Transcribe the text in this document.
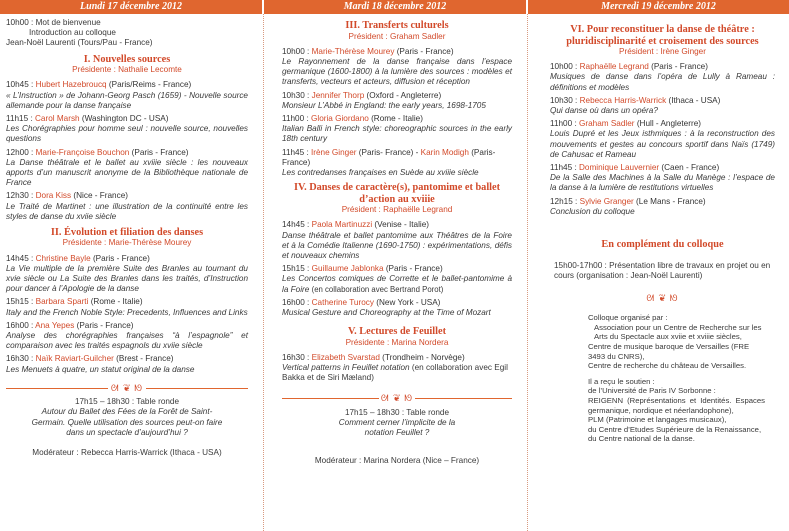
Lundi 17 décembre 2012
10h00 : Mot de bienvenue
Introduction au colloque
Jean-Noël Laurenti (Tours/Pau - France)
I. Nouvelles sources
Présidente : Nathalie Lecomte
10h45 : Hubert Hazebroucq (Paris/Reims - France)
« L’Instruction » de Johann-Georg Pasch (1659) - Nouvelle source allemande pour la danse française
11h15 : Carol Marsh (Washington DC - USA)
Les Chorégraphies pour homme seul : nouvelle source, nouvelles questions
12h00 : Marie-Françoise Bouchon (Paris - France)
La Danse théâtrale et le ballet au xviiie siècle : les nouveaux apports d’un manuscrit anonyme de la Bibliothèque nationale de France
12h30 : Dora Kiss (Nice - France)
Le Traité de Martinet : une illustration de la continuité entre les styles de danse du xviie siècle
II. Évolution et filiation des danses
Présidente : Marie-Thérèse Mourey
14h45 : Christine Bayle (Paris - France)
La Vie multiple de la première Suite des Branles au tournant du xvie siècle ou La Suite des Branles dans les traités, d’Instruction pour dancer à l’Apologie de la danse
15h15 : Barbara Sparti (Rome - Italie)
Italy and the French Noble Style: Precedents, Influences and Links
16h00 : Ana Yepes (Paris - France)
Analyse des chorégraphies françaises “à l’espagnole” et comparaison avec les traités espagnols du xviie siècle
16h30 : Naïk Raviart-Guilcher (Brest - France)
Les Menuets à quatre, un statut original de la danse
ᘛ ❦ ᘚ
17h15 – 18h30 : Table ronde
Autour du Ballet des Fées de la Forêt de Saint-Germain. Quelle utilisation des sources peut-on faire dans un spectacle d’aujourd’hui ?
Modérateur : Rebecca Harris-Warrick (Ithaca - USA)
Mardi 18 décembre 2012
III. Transferts culturels
Président : Graham Sadler
10h00 : Marie-Thérèse Mourey (Paris - France)
Le Rayonnement de la danse française dans l’espace germanique (1600-1800) à la lumière des sources : modèles et transferts, vecteurs et acteurs, diffusion et réception
10h30 : Jennifer Thorp (Oxford - Angleterre)
Monsieur L’Abbé in England: the early years, 1698-1705
11h00 : Gloria Giordano (Rome - Italie)
Italian Balli in French style: choreographic sources in the early 18th century
11h45 : Irène Ginger (Paris- France) - Karin Modigh (Paris- France)
Les contredanses françaises en Suède au xviiie siècle
IV. Danses de caractère(s), pantomime et ballet d’action au xviiie
Président : Raphaëlle Legrand
14h45 : Paola Martinuzzi (Venise - Italie)
Danse théâtrale et ballet pantomime aux Théâtres de la Foire et à la Comédie Italienne (1690-1750) : expérimentations, défis et nouveaux chemins
15h15 : Guillaume Jablonka (Paris - France)
Les Concertos comiques de Corrette et le ballet-pantomime à la Foire (en collaboration avec Bertrand Porot)
16h00 : Catherine Turocy (New York - USA)
Musical Gesture and Choreography at the Time of Mozart
V. Lectures de Feuillet
Présidente : Marina Nordera
16h30 : Elizabeth Svarstad (Trondheim - Norvège)
Vertical patterns in Feuillet notation (en collaboration avec Egil Bakka et de Siri Mæland)
ᘛ ❦ ᘚ
17h15 – 18h30 : Table ronde
Comment cerner l’implicite de la notation Feuillet ?
Modérateur : Marina Nordera (Nice – France)
Mercredi 19 décembre 2012
VI. Pour reconstituer la danse de théâtre : pluridisciplinarité et croisement des sources
Président : Irène Ginger
10h00 : Raphaëlle Legrand (Paris - France)
Musiques de danse dans l’opéra de Lully à Rameau : définitions et modèles
10h30 : Rebecca Harris-Warrick (Ithaca - USA)
Qui danse où dans un opéra?
11h00 : Graham Sadler (Hull - Angleterre)
Louis Dupré et les Jeux isthmiques : à la reconstruction des mouvements et gestes au concours sportif dans Naïs (1749) de Cahusac et Rameau
11h45 : Dominique Lauvernier (Caen - France)
De la Salle des Machines à la Salle du Manège : l’espace de la danse à la lumière de restitutions virtuelles
12h15 : Sylvie Granger (Le Mans - France)
Conclusion du colloque
En complément du colloque
15h00-17h00 : Présentation libre de travaux en projet ou en cours (organisation : Jean-Noël Laurenti)
ᘛ ❦ ᘚ
Colloque organisé par :
Association pour un Centre de Recherche sur les Arts du Spectacle aux xviie et xviiie siècles,
Centre de musique baroque de Versailles (FRE 3493 du CNRS),
Centre de recherche du château de Versailles.
Il a reçu le soutien :
de l’Université de Paris IV Sorbonne :
REIGENN (Représentations et Identités. Espaces germanique, nordique et néerlandophone),
PLM (Patrimoine et langages musicaux),
du Centre d’Etudes Supérieure de la Renaissance,
du Centre national de la danse.
